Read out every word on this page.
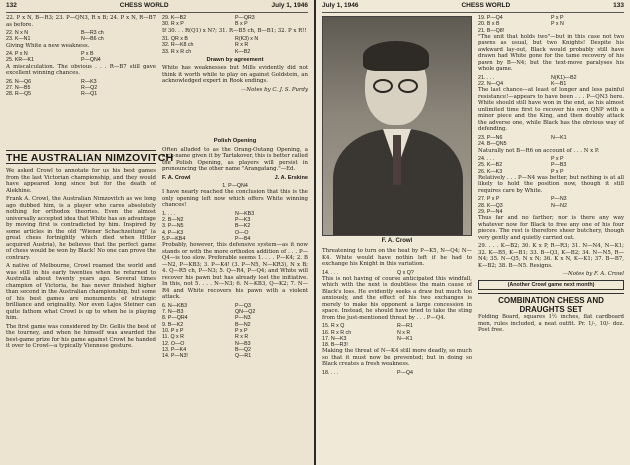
132	CHESS WORLD	July 1, 1946

22. P x N, B—R3; 23. P—QN3, R x B; 24. P x N, R—B7 as before.

22. N x N	B—R3 ch
23. K—N1	N—B6 ch

Giving White a new weakness.

24. P x N	P x B
25. KR—K1	P—QN4

A miscalculation. The obvious . . . R—B7 still gave excellent winning chances.

26. N—Q6	R—K3
27. N—B5	R—Q2
28. R—Q5	R—Q1
29. K—B2	P—QR3
30. R x P	B x P

If 30. . . R(Q1) x N?; 31. R—B5 ch, B—B1; 32. P x R!!

31. QR x B	R(K3) x N
32. R—K8 ch	R x R
33. R x R ch	K—B2
Drawn by agreement

White has weaknesses but Mills evidently did not think it worth while to play on against Goldstein, an acknowledged expert in Rook endings.

—Notes by C. J. S. Purdy
THE AUSTRALIAN NIMZOVITCH

We asked Crowl to annotate for us his best games from the last Victorian championship, and they would have appeared long since but for the death of Alekhine.

Frank A. Crowl, the Australian Nimzovitch as we long ago dubbed him, is a player who cares absolutely nothing for orthodox theories. Even the almost universally accepted idea that White has an advantage by moving first is contradicted by him. Inspired by some articles in the old "Wiener Schachzeitung" (a great chess fortnightly which died when Hitler acquired Austria), he believes that the perfect game of chess would be won by Black! No one can prove the contrary.

A native of Melbourne, Crowl roamed the world and was still in his early twenties when he returned to Australia about twenty years ago. Several times champion of Victoria, he has never finished higher than second in the Australian championship, but some of his best games are monuments of strategic brilliance and originality. Nor even Lajos Steiner can quite fathom what Crowl is up to when he is playing him.

The first game was considered by Dr. Gellis the best of the tourney, and when he himself was awarded the best-game prize for his game against Crowl he handed it over to Crowl—a typically Viennese gesture.

Polish Opening

Often alluded to as the Orang-Outang Opening, a nick-name given it by Tartakover, this is better called the Polish Opening, as players will persist in pronouncing the other name "Arangatang."—Ed.

F. A. Crowl	J. A. Erskine
1. P—QN4

I have nearly reached the conclusion that this is the only opening left now which offers White winning chances!

1. . . .	N—KB3
2. B—N2	P—K3
3. P—N5	B—K2
4. P—K3	O—O
5.P—KB4	P—B4

Probably, however, this defensive system—as it now stands or with the more orthodox addition of . . . P—Q4—is too slow. Preferable seems 1. . . . P—K4; 2. B—N2, P—KB3; 3. P—K4! (3. P—N5, N—KR3), N x B; 4. Q—R5 ch, P—N3; 5. Q—R4, P—Q4; and White will recover his pawn but has already lost the initiative. In this, not 5. . . . N—N3; 6. N—KB3, Q—K2; 7. N—R4 and White recovers his pawn with a violent attack.

6. N—KB3	P—Q3
7. N—B3	QN—Q2
8. P—QR4	P—N3
9. B—K2	B—N2
10. P x P	P x P
11. Q x R	R x R
12. O—O	N—B3
13. P—K4	B—Q2
14. P—N3!	Q—R1
July 1, 1946	CHESS WORLD	133
F. A. Crowl

Threatening to turn on the heat by P—K5, N—Q4; N—K4. White would have nothin left if he had to exchange his Knight in this variation.

14. . . .	Q x Q?

This is not having of course anticipated this windfall, which with the next is doubtless the main cause of Black's loss. He evidently seeks a draw but much too anxiously, and the effect of his two exchanges is merely to make his opponent a large concession in space. Instead, he should have tried to take the sting from the just-mentioned threat by . . . P—Q4.

15. R x Q	R—R1
16. R x R ch	N x R
17. N—K3	N—K1
18. B—R3!

Making the threat of N—K4 still more deadly, so much so that it must now be prevented; but in doing so Black creates a fresh weakness.

18. . . .	P—Q4
19. P—Q4	P x P
20. B x B	P x N
21. B—Q8!

"The unit that holds two"—but in this case not two pawns as usual, but two Knights! Despite his awkward lay-out, Black would probably still have drawn had White gone for the tame recovery of his pawn by B—N4; but the text-move paralyses his whole game.

21. . . .	N(K1)—B2
22. N—Q4	K—B1

The last chance—at least of longer and less painful resistance!—appears to have been . . . P—QN3 here. White should still have won in the end, as his almost unlimited time first to recover his own QNP with a minor piece and the King, and then doubly attack the adverse one, while Black has the obvious way of defending.

23. P—N6	N—K1
24. B—QN5

Naturally not B—R6 on account of . . . N x P.

24. . . .	P x P
25. K—B2	P—B3
26. K—K3	P x P

Relatively . . . P—N4 was better, but nothing is at all likely to hold the position now, though it still requires care by White.

27. P x P	P—N3
28. K—Q3	N—N2
29. P—N4

Thus far and no farther; nor is there any way whatever now for Black to free any one of his four pieces. The rest is therefore sheer butchery, though very gently and quietly carried out.

29. . . . K—B2; 30. K x P, R—R3; 31. N—N4, N—K1; 32. K—B5, K—B1; 33. B—Q3, K—B2; 34. N—N5, R—N4; 35. N—Q5, N x N; 36. K x N, K—K1; 37. B—B7, K—B2; 38. B—N5. Resigns.

—Notes by F. A. Crowl
(Another Crowl game next month)
COMBINATION CHESS AND DRAUGHTS SET

Folding Board, squares 1½ inches, flat cardboard men, rules included, a neat outfit. Pr. 1/-, 10/- doz. Post free.
